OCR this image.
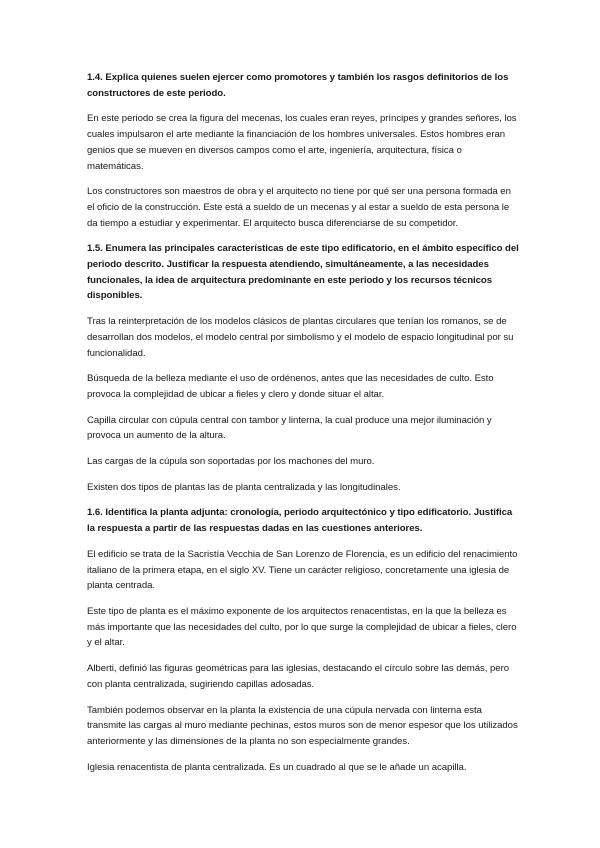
1.4. Explica quienes suelen ejercer como promotores y también los rasgos definitorios de los constructores de este periodo.

En este periodo se crea la figura del mecenas, los cuales eran reyes, príncipes y grandes señores, los cuales impulsaron el arte mediante la financiación de los hombres universales. Estos hombres eran genios que se mueven en diversos campos como el arte, ingeniería, arquitectura, física o matemáticas.

Los constructores son maestros de obra y el arquitecto no tiene por qué ser una persona formada en el oficio de la construcción. Este está a sueldo de un mecenas y al estar a sueldo de esta persona le da tiempo a estudiar y experimentar. El arquitecto busca diferenciarse de su competidor.

1.5. Enumera las principales características de este tipo edificatorio, en el ámbito específico del periodo descrito. Justificar la respuesta atendiendo, simultáneamente, a las necesidades funcionales, la idea de arquitectura predominante en este periodo y los recursos técnicos disponibles.

Tras la reinterpretación de los modelos clásicos de plantas circulares que tenían los romanos, se de desarrollan dos modelos, el modelo central por simbolismo y el modelo de espacio longitudinal por su funcionalidad.

Búsqueda de la belleza mediante el uso de ordénenos, antes que las necesidades de culto. Esto provoca la complejidad de ubicar a fieles y clero y donde situar el altar.

Capilla circular con cúpula central con tambor y linterna, la cual produce una mejor iluminación y provoca un aumento de la altura.

Las cargas de la cúpula son soportadas por los machones del muro.

Existen dos tipos de plantas las de planta centralizada y las longitudinales.

1.6. Identifica la planta adjunta: cronología, periodo arquitectónico y tipo edificatorio. Justifica la respuesta a partir de las respuestas dadas en las cuestiones anteriores.

El edificio se trata de la Sacristía Vecchia de San Lorenzo de Florencia, es un edificio del renacimiento italiano de la primera etapa, en el siglo XV. Tiene un carácter religioso, concretamente una iglesia de planta centrada.

Este tipo de planta es el máximo exponente de los arquitectos renacentistas, en la que la belleza es más importante que las necesidades del culto, por lo que surge la complejidad de ubicar a fieles, clero y el altar.

Alberti, definió las figuras geométricas para las iglesias, destacando el círculo sobre las demás, pero con planta centralizada, sugiriendo capillas adosadas.

También podemos observar en la planta la existencia de una cúpula nervada con linterna esta transmite las cargas al muro mediante pechinas, estos muros son de menor espesor que los utilizados anteriormente y las dimensiones de la planta no son especialmente grandes.

Iglesia renacentista de planta centralizada. Es un cuadrado al que se le añade un acapilla.
